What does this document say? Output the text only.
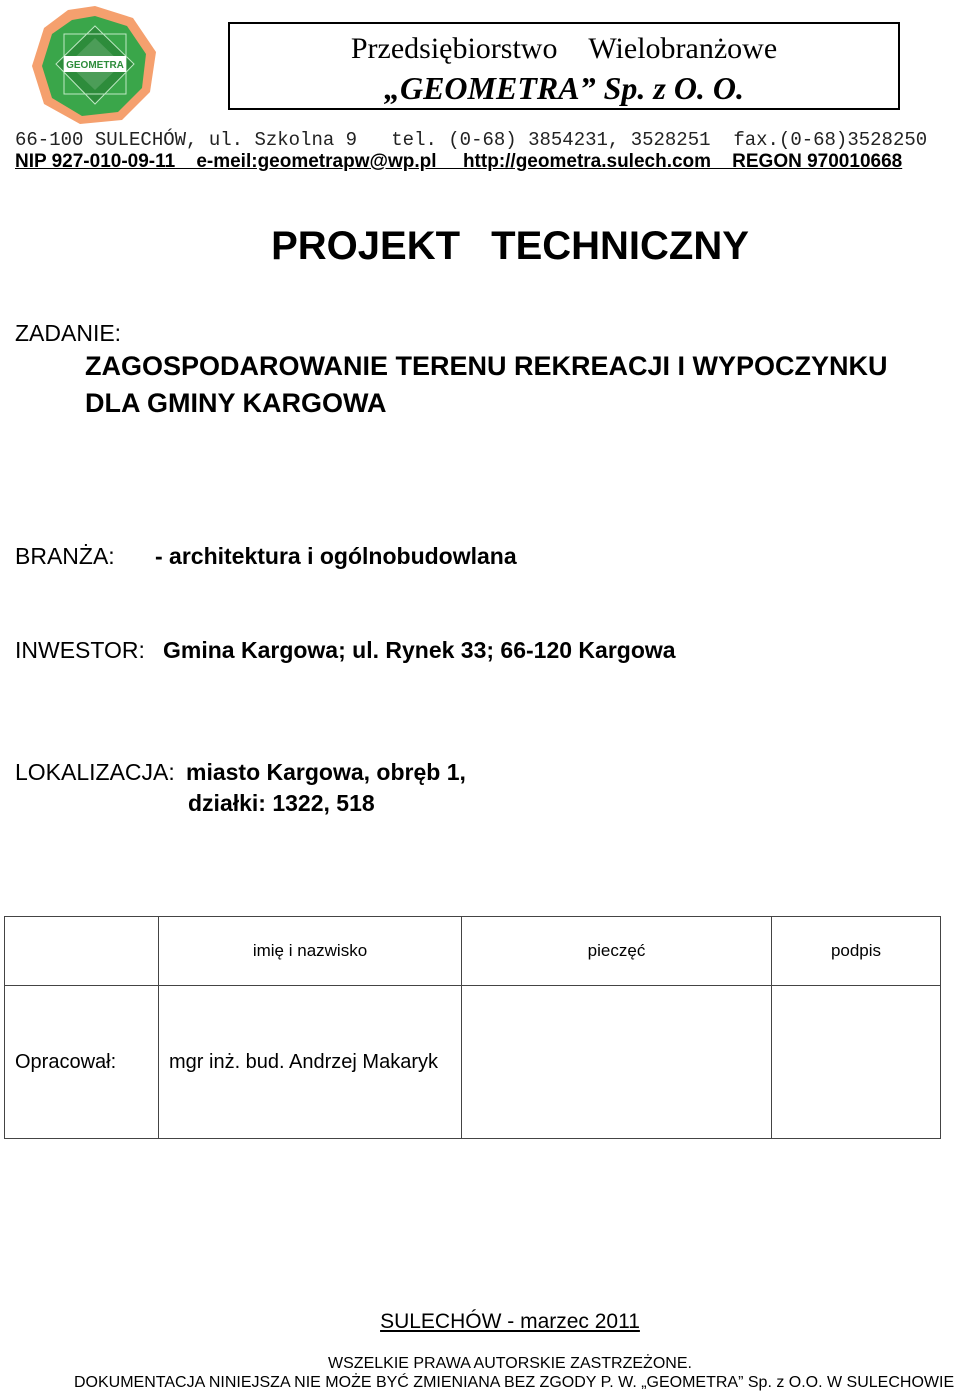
GEOMETRA
Przedsiębiorstwo Wielobranżowe
„GEOMETRA” Sp. z O. O.
66-100 SULECHÓW, ul. Szkolna 9   tel. (0-68) 3854231, 3528251  fax.(0-68)3528250
NIP 927-010-09-11    e-meil:geometrapw@wp.pl     http://geometra.sulech.com    REGON 970010668
PROJEKT TECHNICZNY
ZADANIE:
ZAGOSPODAROWANIE TERENU REKREACJI I WYPOCZYNKU DLA GMINY KARGOWA
BRANŻA: - architektura i ogólnobudowlana
INWESTOR: Gmina Kargowa; ul. Rynek 33; 66-120 Kargowa
LOKALIZACJA: miasto Kargowa, obręb 1,
działki: 1322, 518
	imię i nazwisko	pieczęć	podpis
Opracował:	mgr inż. bud. Andrzej Makaryk		
SULECHÓW - marzec 2011
WSZELKIE PRAWA AUTORSKIE ZASTRZEŻONE.
DOKUMENTACJA NINIEJSZA NIE MOŻE BYĆ ZMIENIANA BEZ ZGODY P. W. „GEOMETRA” Sp. z O.O. W SULECHOWIE
